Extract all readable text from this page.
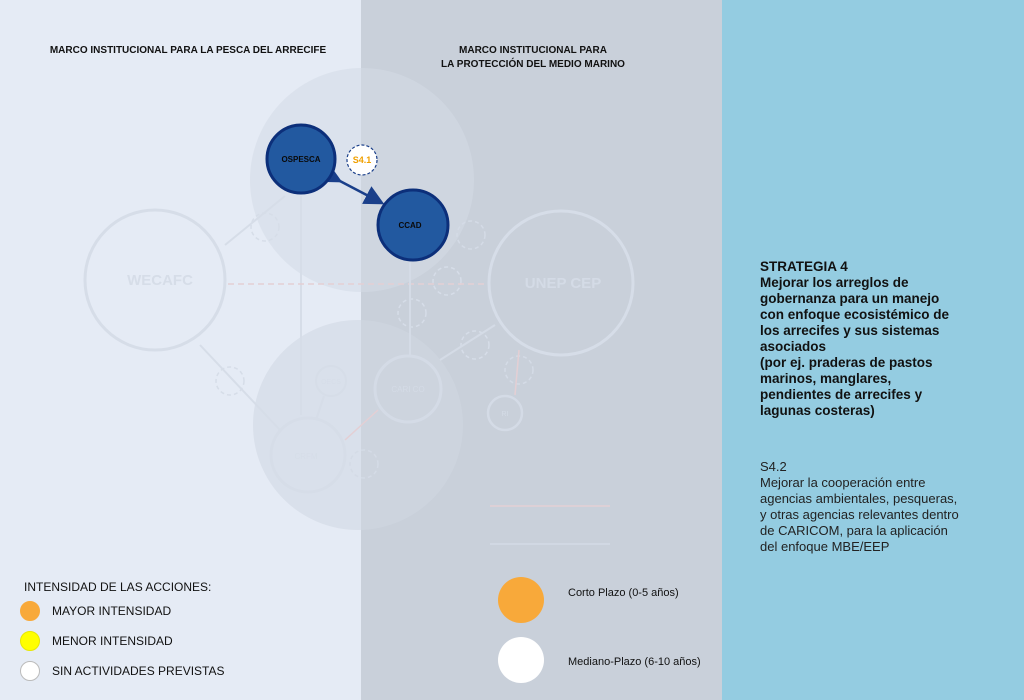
MARCO INSTITUCIONAL PARA LA PESCA DEL ARRECIFE	MARCO INSTITUCIONAL PARA
LA PROTECCIÓN DEL MEDIO MARINO
WECAFC	UNEP CEP
CRFM
OECS
CARI CO
RI
OSPESCA
CCAD
S4.1
STRATEGIA 4
Mejorar los arreglos de
gobernanza para un manejo
con enfoque ecosistémico de
los arrecifes y sus sistemas
asociados
(por ej. praderas de pastos
marinos, manglares,
pendientes de arrecifes y
lagunas costeras)
S4.2
Mejorar la cooperación entre
agencias ambientales, pesqueras,
y otras agencias relevantes dentro
de CARICOM, para la aplicación
del enfoque MBE/EEP
INTENSIDAD DE LAS ACCIONES:
MAYOR INTENSIDAD
MENOR INTENSIDAD
SIN ACTIVIDADES PREVISTAS
Corto Plazo (0-5 años)
Mediano-Plazo (6-10 años)
